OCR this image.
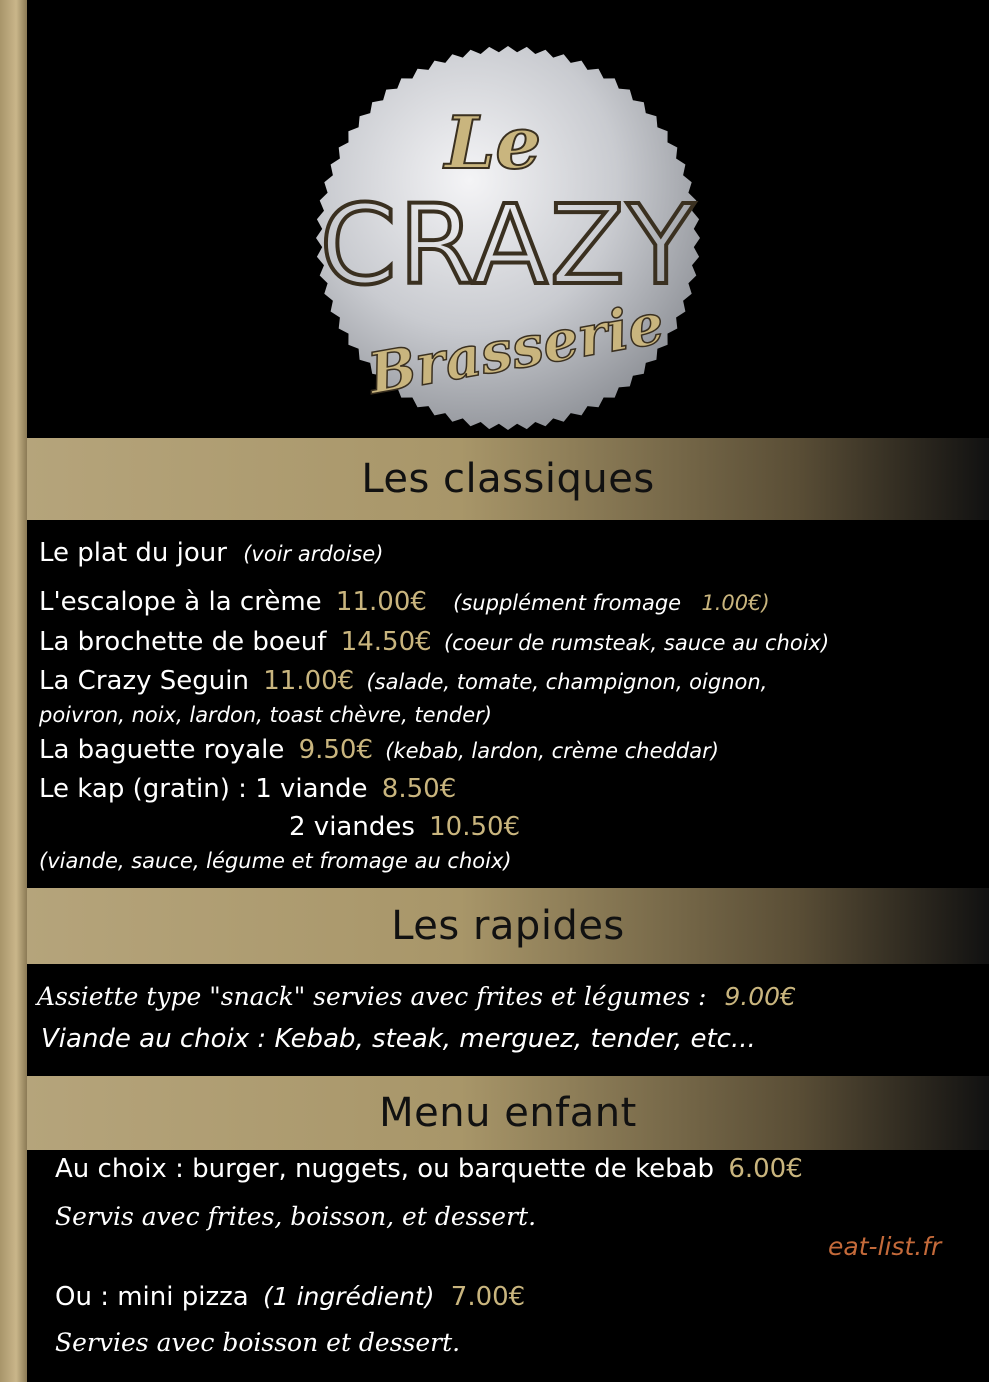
Le
CRAZY
Brasserie
Les classiques
Le plat du jour (voir ardoise)
L'escalope à la crème 11.00€ (supplément fromage 1.00€)
La brochette de boeuf 14.50€ (coeur de rumsteak, sauce au choix)
La Crazy Seguin 11.00€ (salade, tomate, champignon, oignon,
poivron, noix, lardon, toast chèvre, tender)
La baguette royale 9.50€ (kebab, lardon, crème cheddar)
Le kap (gratin) : 1 viande 8.50€
2 viandes 10.50€
(viande, sauce, légume et fromage au choix)
Les rapides
Assiette type "snack" servies avec frites et légumes : 9.00€
Viande au choix : Kebab, steak, merguez, tender, etc...
Menu enfant
Au choix : burger, nuggets, ou barquette de kebab 6.00€
Servis avec frites, boisson, et dessert.
Ou : mini pizza (1 ingrédient) 7.00€
Servies avec boisson et dessert.
eat-list.fr
